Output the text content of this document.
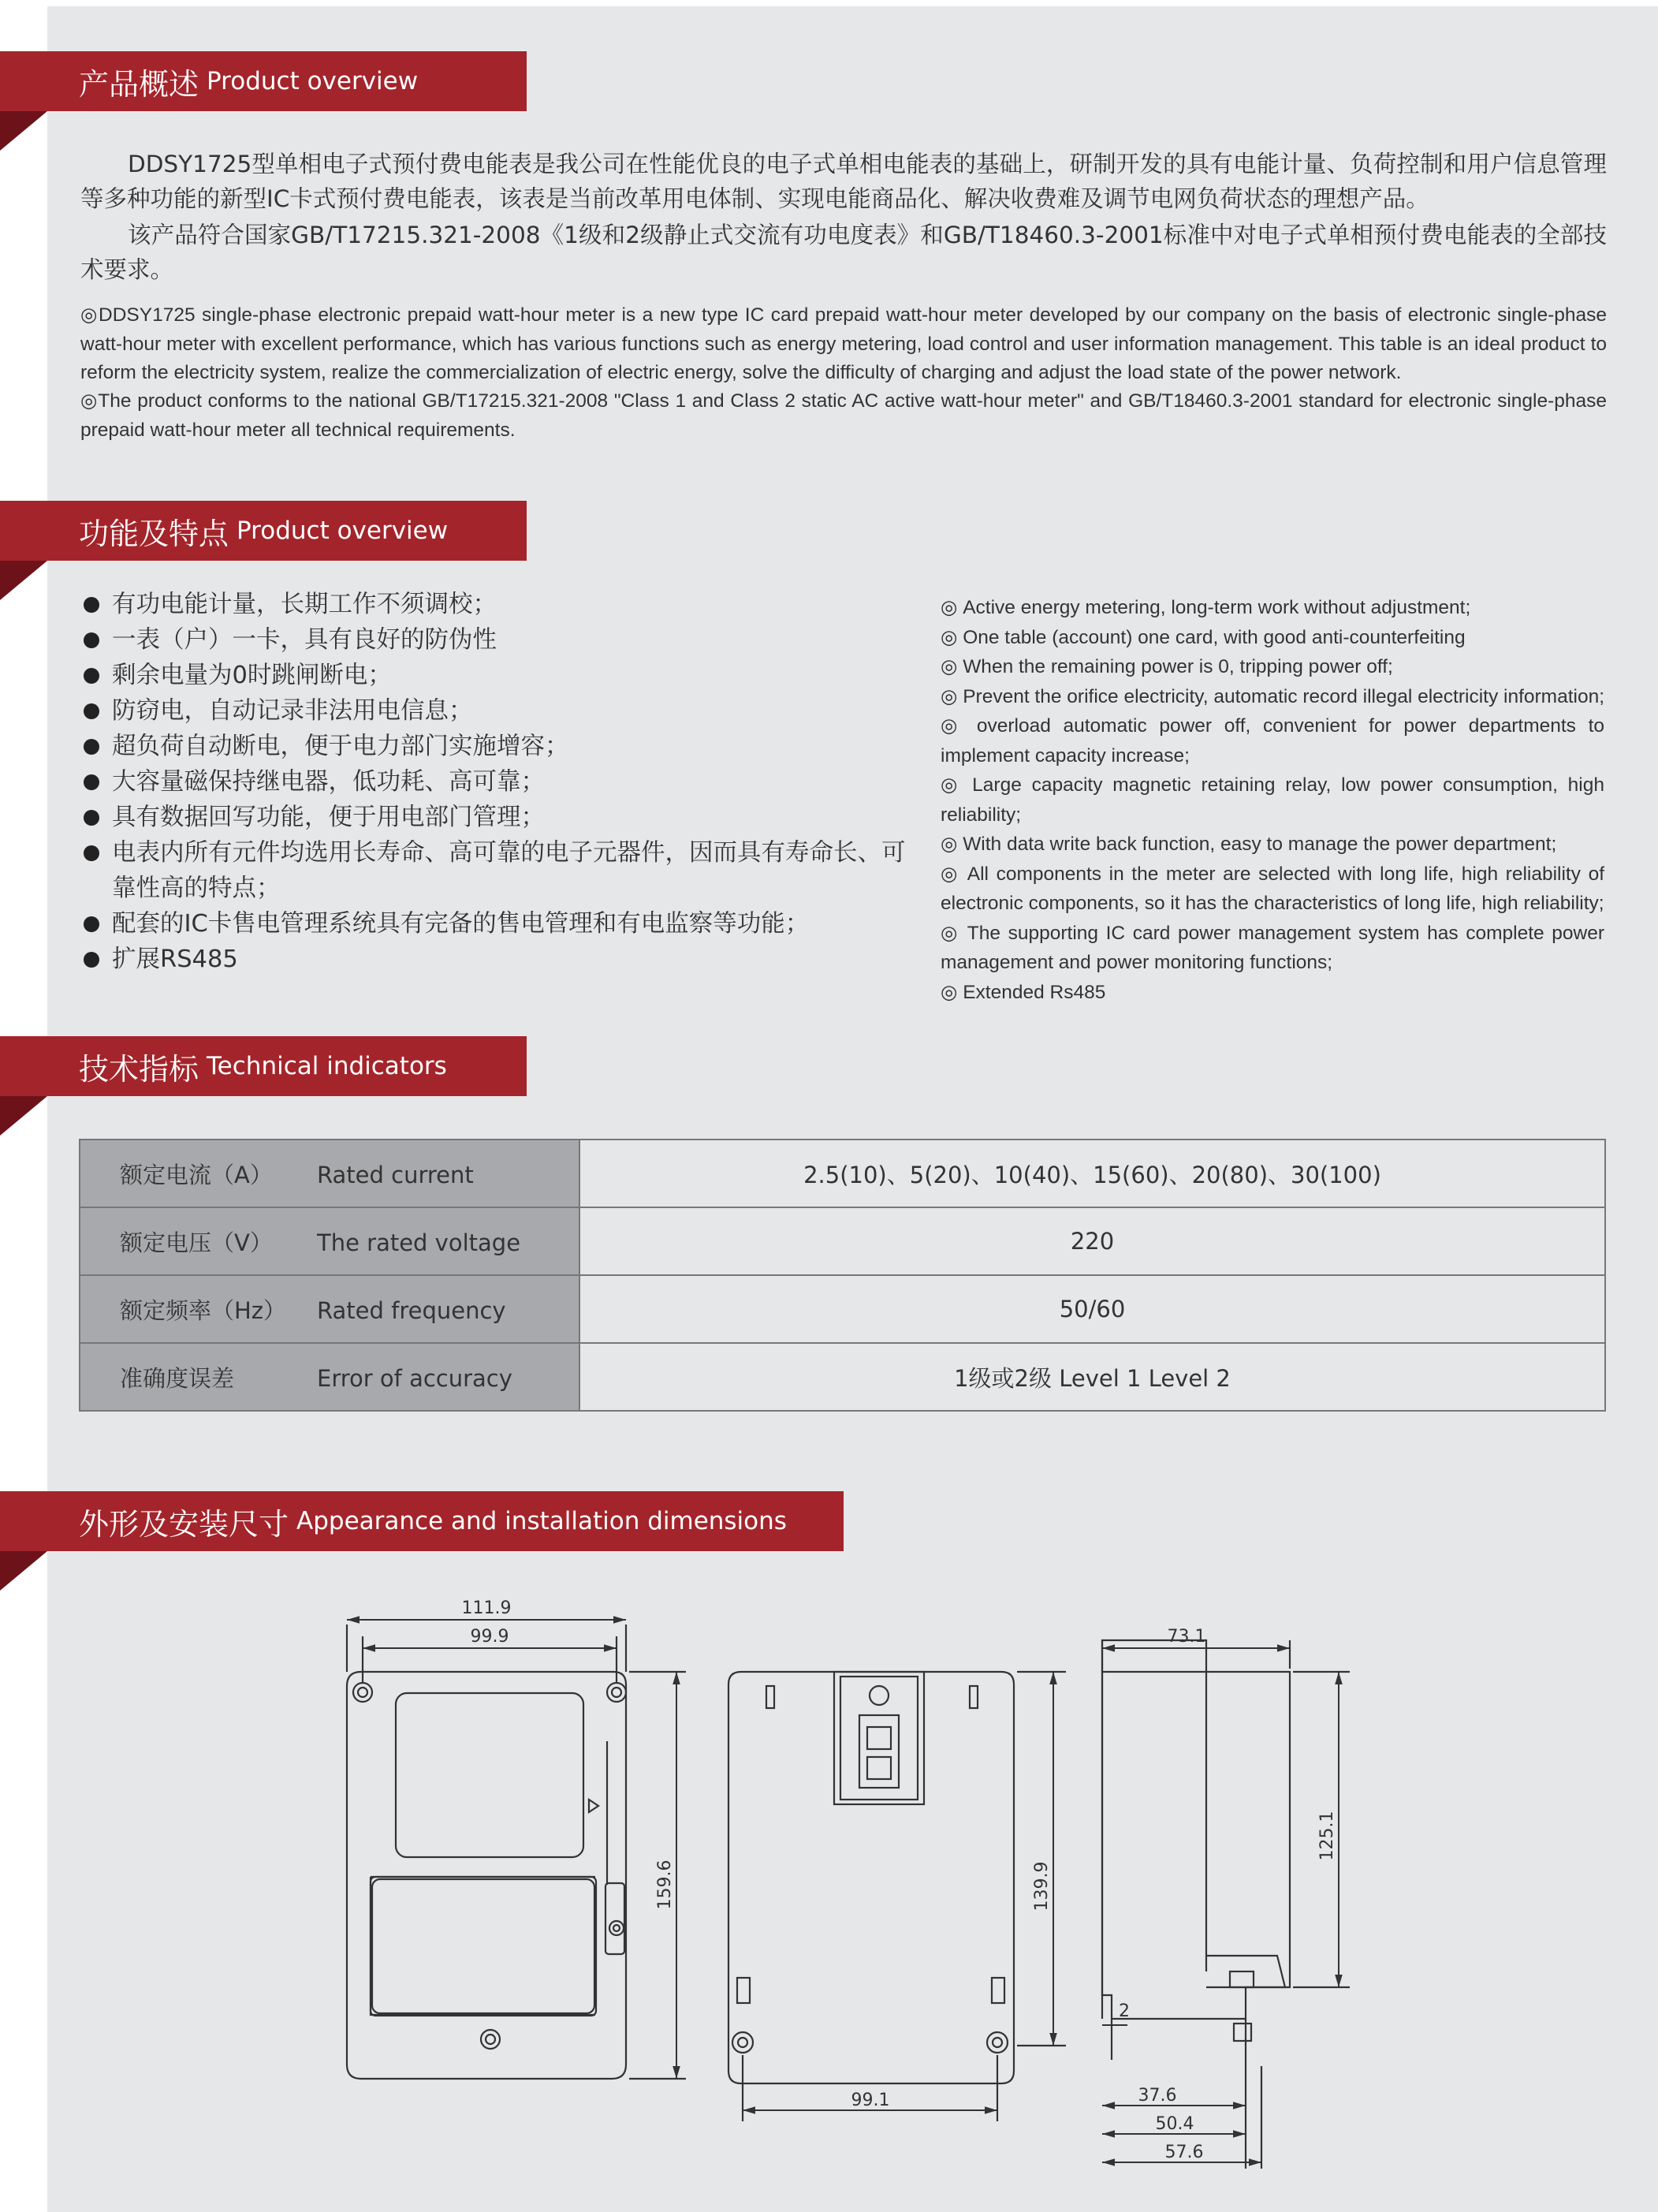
产品概述 Product overview

DDSY1725型单相电子式预付费电能表是我公司在性能优良的电子式单相电能表的基础上，研制开发的具有电能计量、负荷控制和用户信息管理等多种功能的新型IC卡式预付费电能表，该表是当前改革用电体制、实现电能商品化、解决收费难及调节电网负荷状态的理想产品。

该产品符合国家GB/T17215.321-2008《1级和2级静止式交流有功电度表》和GB/T18460.3-2001标准中对电子式单相预付费电能表的全部技术要求。

◎DDSY1725 single-phase electronic prepaid watt-hour meter is a new type IC card prepaid watt-hour meter developed by our company on the basis of electronic single-phase watt-hour meter with excellent performance, which has various functions such as energy metering, load control and user information management. This table is an ideal product to reform the electricity system, realize the commercialization of electric energy, solve the difficulty of charging and adjust the load state of the power network.

◎The product conforms to the national GB/T17215.321-2008 "Class 1 and Class 2 static AC active watt-hour meter" and GB/T18460.3-2001 standard for electronic single-phase prepaid watt-hour meter all technical requirements.

功能及特点 Product overview
有功电能计量，长期工作不须调校；
一表（户）一卡，具有良好的防伪性
剩余电量为0时跳闸断电；
防窃电，自动记录非法用电信息；
超负荷自动断电，便于电力部门实施增容；
大容量磁保持继电器，低功耗、高可靠；
具有数据回写功能，便于用电部门管理；
电表内所有元件均选用长寿命、高可靠的电子元器件，因而具有寿命长、可靠性高的特点；
配套的IC卡售电管理系统具有完备的售电管理和有电监察等功能；
扩展RS485
◎ Active energy metering, long-term work without adjustment;
◎ One table (account) one card, with good anti-counterfeiting
◎ When the remaining power is 0, tripping power off;
◎ Prevent the orifice electricity, automatic record illegal electricity information;
◎ overload automatic power off, convenient for power departments to implement capacity increase;
◎ Large capacity magnetic retaining relay, low power consumption, high reliability;
◎ With data write back function, easy to manage the power department;
◎ All components in the meter are selected with long life, high reliability of electronic components, so it has the characteristics of long life, high reliability;
◎ The supporting IC card power management system has complete power management and power monitoring functions;
◎ Extended Rs485
技术指标 Technical indicators
额定电流（A） Rated current	2.5(10)、5(20)、10(40)、15(60)、20(80)、30(100)
额定电压（V） The rated voltage	220
额定频率（Hz） Rated frequency	50/60
准确度误差 Error of accuracy	1级或2级 Level 1 Level 2
外形及安装尺寸 Appearance and installation dimensions
111.9
99.9
159.6	139.9
99.1
73.1
125.1
2
37.6
50.4
57.6
